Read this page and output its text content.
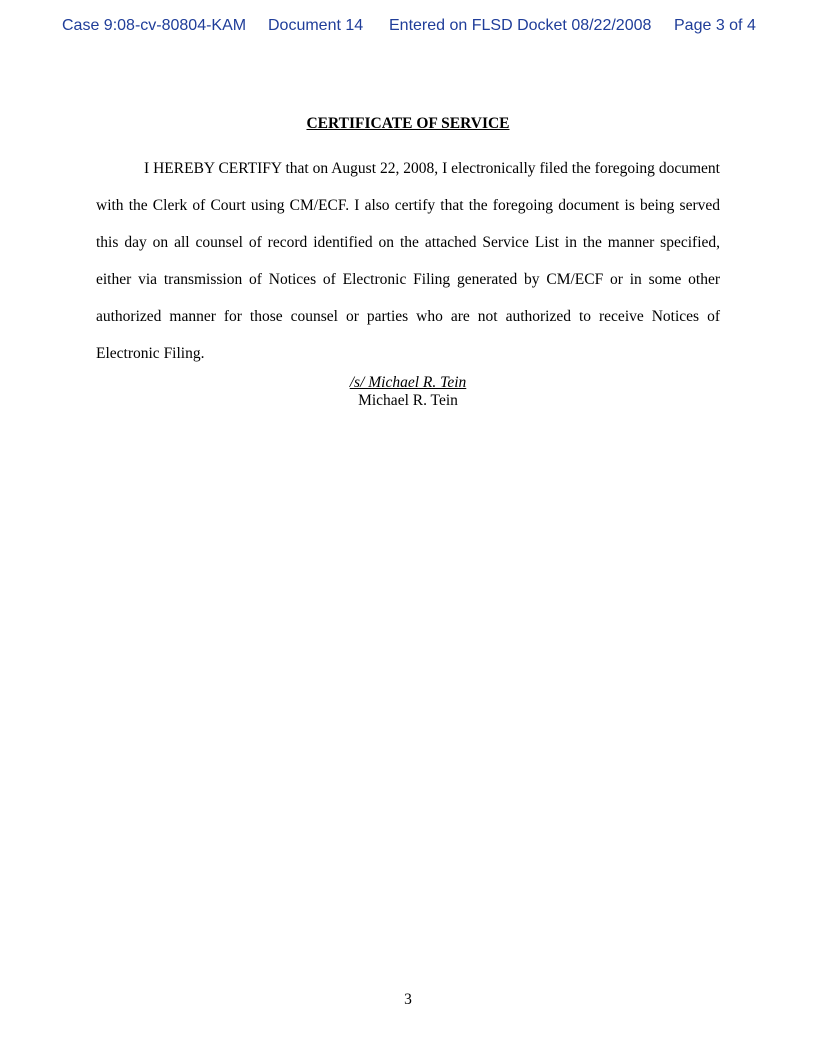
Case 9:08-cv-80804-KAM Document 14 Entered on FLSD Docket 08/22/2008 Page 3 of 4
CERTIFICATE OF SERVICE

I HEREBY CERTIFY that on August 22, 2008, I electronically filed the foregoing document with the Clerk of Court using CM/ECF. I also certify that the foregoing document is being served this day on all counsel of record identified on the attached Service List in the manner specified, either via transmission of Notices of Electronic Filing generated by CM/ECF or in some other authorized manner for those counsel or parties who are not authorized to receive Notices of Electronic Filing.

/s/ Michael R. Tein
Michael R. Tein
3
